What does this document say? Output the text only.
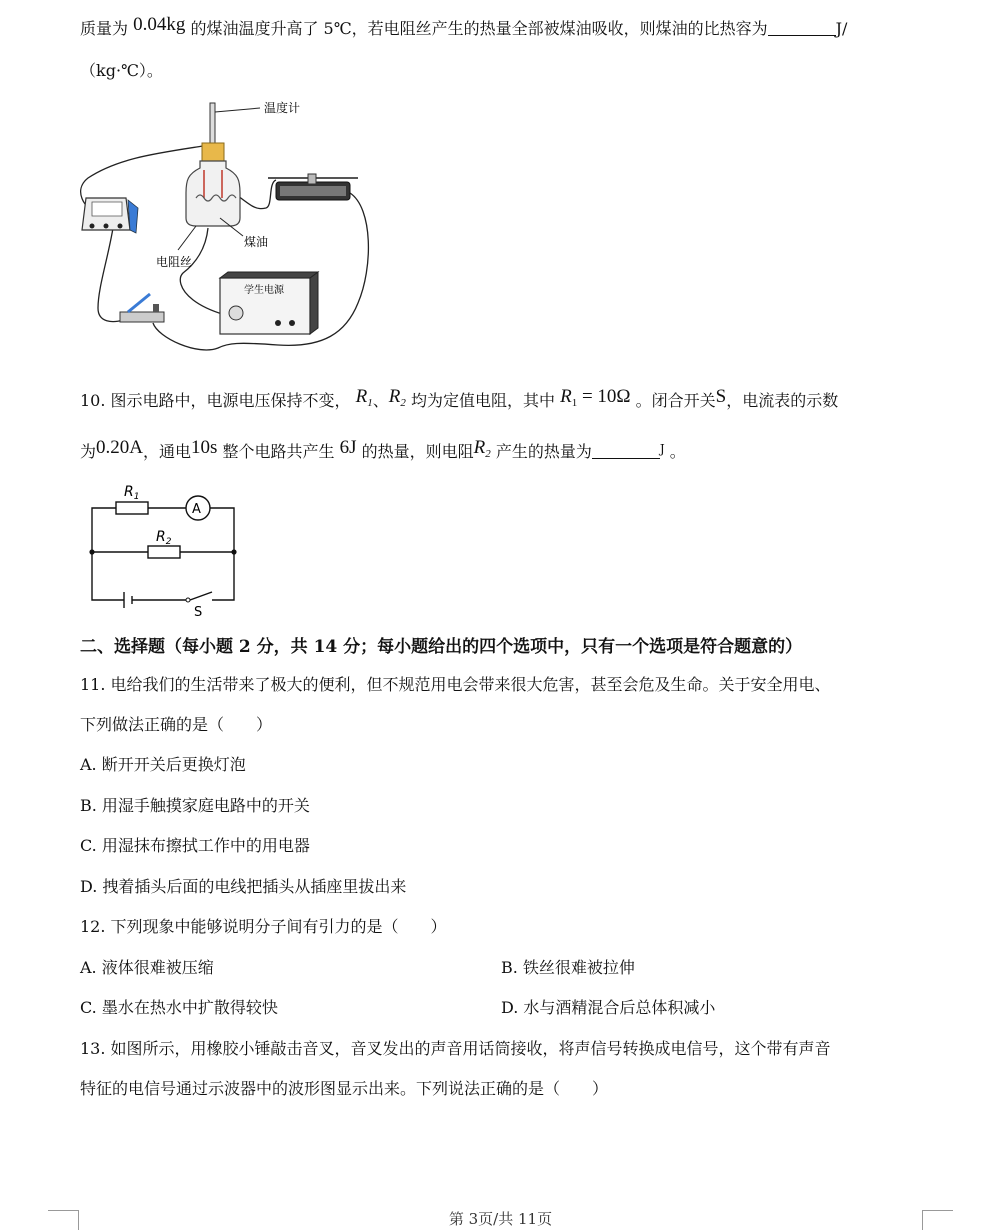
质量为 0.04kg 的煤油温度升高了 5℃，若电阻丝产生的热量全部被煤油吸收，则煤油的比热容为	J/
（kg·℃）。
温度计
煤油
电阻丝
学生电源
10. 图示电路中，电源电压保持不变， $R_1$、$R_2$ 均为定值电阻，其中 $R_1 = 10\Omega$ 。闭合开关S，电流表的示数
为0.20A，通电10s 整个电路共产生 6J 的热量，则电阻$R_2$ 产生的热量为	$^J$ 。
$R_1$
A
$R_2$
S
二、选择题（每小题 2 分，共 14 分；每小题给出的四个选项中，只有一个选项是符合题意的）
11. 电给我们的生活带来了极大的便利，但不规范用电会带来很大危害，甚至会危及生命。关于安全用电、
下列做法正确的是（　　）
A. 断开开关后更换灯泡
B. 用湿手触摸家庭电路中的开关
C. 用湿抹布擦拭工作中的用电器
D. 拽着插头后面的电线把插头从插座里拔出来
12. 下列现象中能够说明分子间有引力的是（　　）
A. 液体很难被压缩	B. 铁丝很难被拉伸
C. 墨水在热水中扩散得较快	D. 水与酒精混合后总体积减小
13. 如图所示，用橡胶小锤敲击音叉，音叉发出的声音用话筒接收，将声信号转换成电信号，这个带有声音
特征的电信号通过示波器中的波形图显示出来。下列说法正确的是（　　）
第 3页/共 11页
